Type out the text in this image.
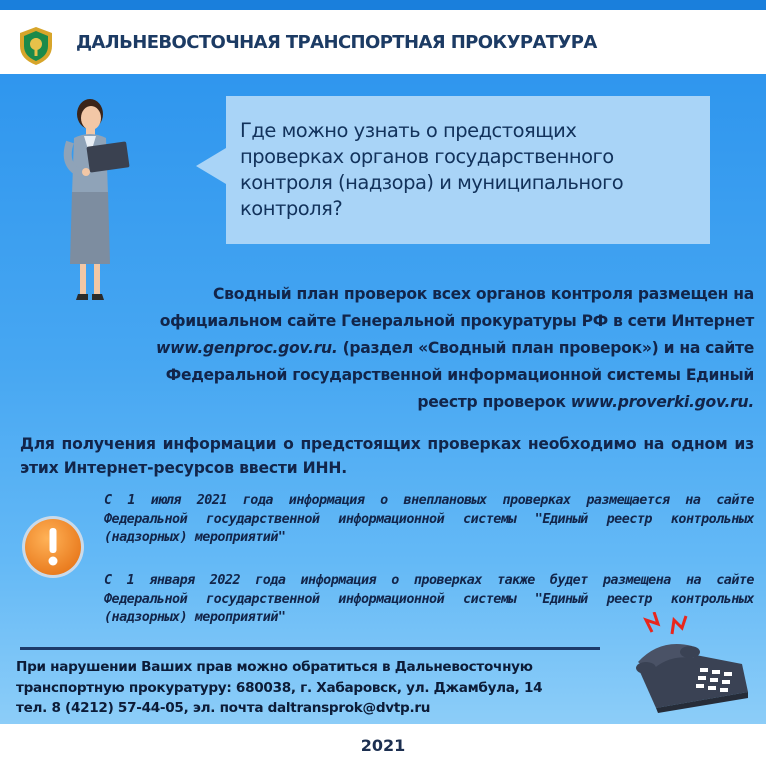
ДАЛЬНЕВОСТОЧНАЯ ТРАНСПОРТНАЯ ПРОКУРАТУРА
Где можно узнать о предстоящих
проверках органов государственного
контроля (надзора) и муниципального
контроля?
Сводный план проверок всех органов контроля размещен на
официальном сайте Генеральной прокуратуры РФ в сети Интернет
www.genproc.gov.ru. (раздел «Сводный план проверок») и на сайте
Федеральной государственной информационной системы Единый
реестр проверок www.proverki.gov.ru.
Для получения информации о предстоящих проверках необходимо на одном из этих Интернет-ресурсов ввести ИНН.
С 1 июля 2021 года информация о внеплановых проверках размещается на сайте Федеральной государственной информационной системы "Единый реестр контрольных (надзорных) мероприятий"
С 1 января 2022 года информация о проверках также будет размещена на сайте Федеральной государственной информационной системы "Единый реестр контрольных (надзорных) мероприятий"
При нарушении Ваших прав можно обратиться в Дальневосточную
транспортную прокуратуру: 680038, г. Хабаровск, ул. Джамбула, 14
тел. 8 (4212) 57-44-05, эл. почта daltransprok@dvtp.ru
2021
